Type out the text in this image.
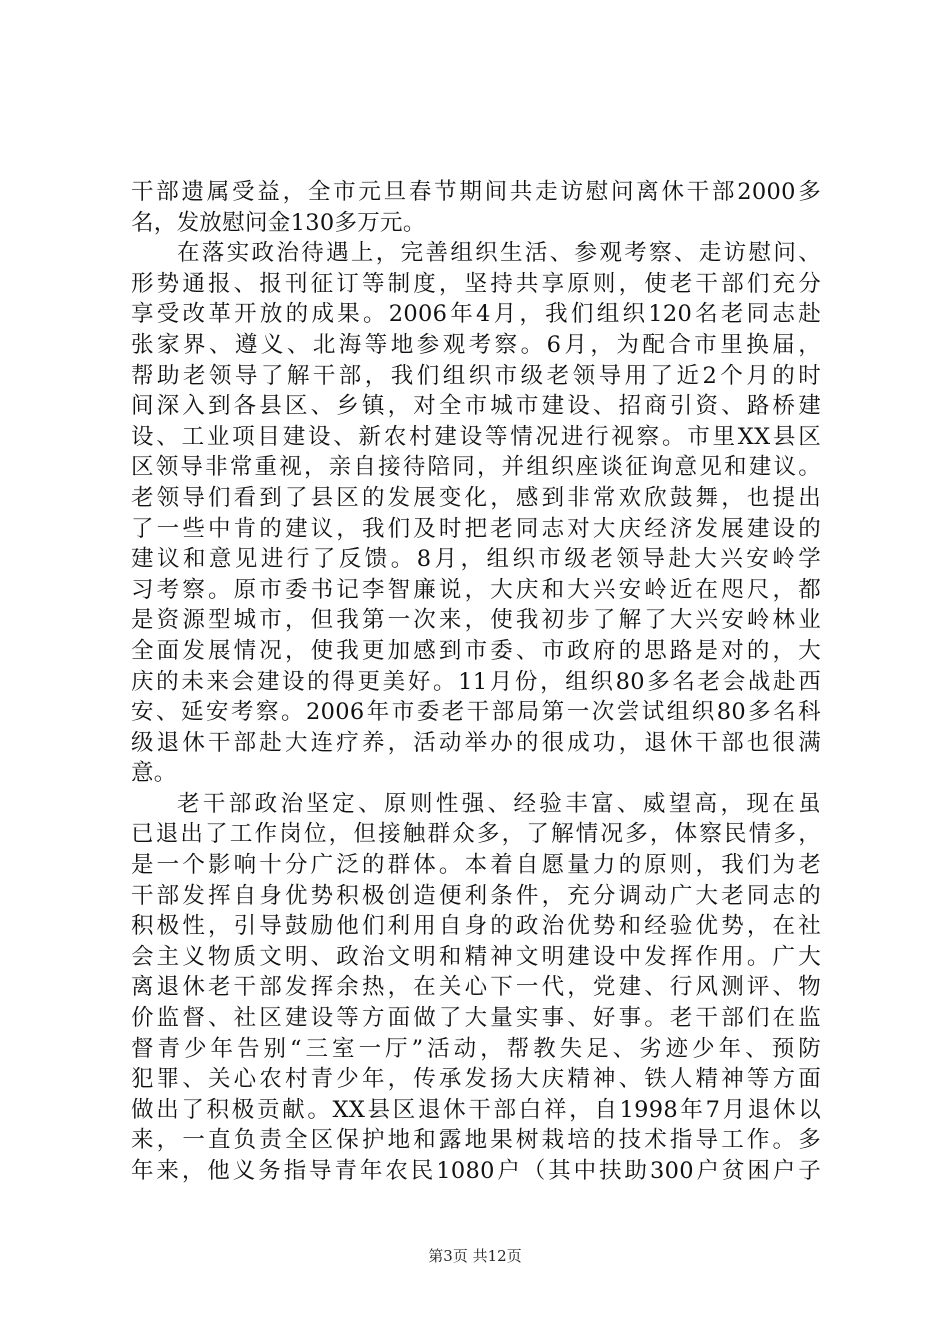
干部遗属受益，全市元旦春节期间共走访慰问离休干部2000多
名，发放慰问金130多万元。
在落实政治待遇上，完善组织生活、参观考察、走访慰问、
形势通报、报刊征订等制度，坚持共享原则，使老干部们充分
享受改革开放的成果。2006年4月，我们组织120名老同志赴
张家界、遵义、北海等地参观考察。6月，为配合市里换届，
帮助老领导了解干部，我们组织市级老领导用了近2个月的时
间深入到各县区、乡镇，对全市城市建设、招商引资、路桥建
设、工业项目建设、新农村建设等情况进行视察。市里XX县区
区领导非常重视，亲自接待陪同，并组织座谈征询意见和建议。
老领导们看到了县区的发展变化，感到非常欢欣鼓舞，也提出
了一些中肯的建议，我们及时把老同志对大庆经济发展建设的
建议和意见进行了反馈。8月，组织市级老领导赴大兴安岭学
习考察。原市委书记李智廉说，大庆和大兴安岭近在咫尺，都
是资源型城市，但我第一次来，使我初步了解了大兴安岭林业
全面发展情况，使我更加感到市委、市政府的思路是对的，大
庆的未来会建设的得更美好。11月份，组织80多名老会战赴西
安、延安考察。2006年市委老干部局第一次尝试组织80多名科
级退休干部赴大连疗养，活动举办的很成功，退休干部也很满
意。
老干部政治坚定、原则性强、经验丰富、威望高，现在虽
已退出了工作岗位，但接触群众多，了解情况多，体察民情多，
是一个影响十分广泛的群体。本着自愿量力的原则，我们为老
干部发挥自身优势积极创造便利条件，充分调动广大老同志的
积极性，引导鼓励他们利用自身的政治优势和经验优势，在社
会主义物质文明、政治文明和精神文明建设中发挥作用。广大
离退休老干部发挥余热，在关心下一代，党建、行风测评、物
价监督、社区建设等方面做了大量实事、好事。老干部们在监
督青少年告别“三室一厅”活动，帮教失足、劣迹少年、预防
犯罪、关心农村青少年，传承发扬大庆精神、铁人精神等方面
做出了积极贡献。XX县区退休干部白祥，自1998年7月退休以
来，一直负责全区保护地和露地果树栽培的技术指导工作。多
年来，他义务指导青年农民1080户（其中扶助300户贫困户子
第3页 共12页
